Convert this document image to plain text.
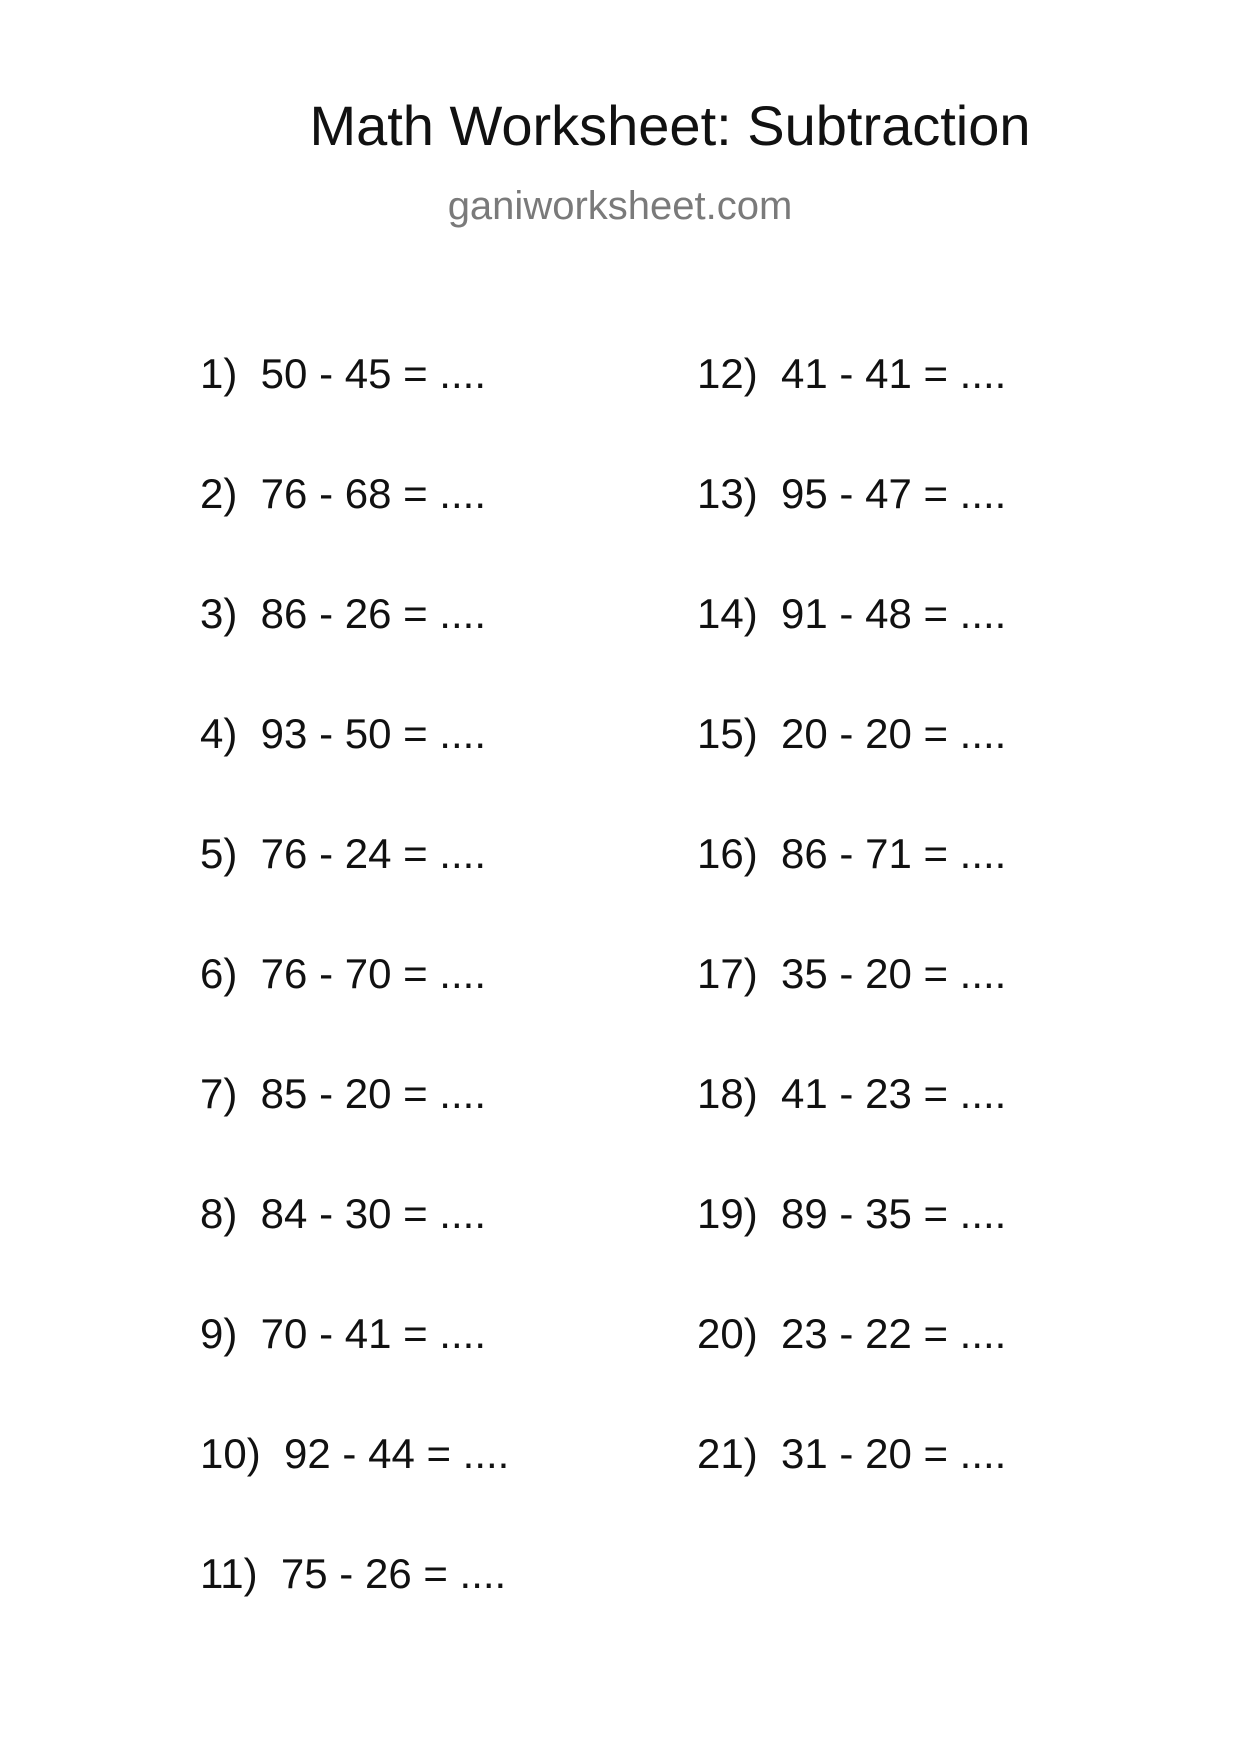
Math Worksheet: Subtraction
ganiworksheet.com
1)  50 - 45 = ....
2)  76 - 68 = ....
3)  86 - 26 = ....
4)  93 - 50 = ....
5)  76 - 24 = ....
6)  76 - 70 = ....
7)  85 - 20 = ....
8)  84 - 30 = ....
9)  70 - 41 = ....
10)  92 - 44 = ....
11)  75 - 26 = ....
12)  41 - 41 = ....
13)  95 - 47 = ....
14)  91 - 48 = ....
15)  20 - 20 = ....
16)  86 - 71 = ....
17)  35 - 20 = ....
18)  41 - 23 = ....
19)  89 - 35 = ....
20)  23 - 22 = ....
21)  31 - 20 = ....
